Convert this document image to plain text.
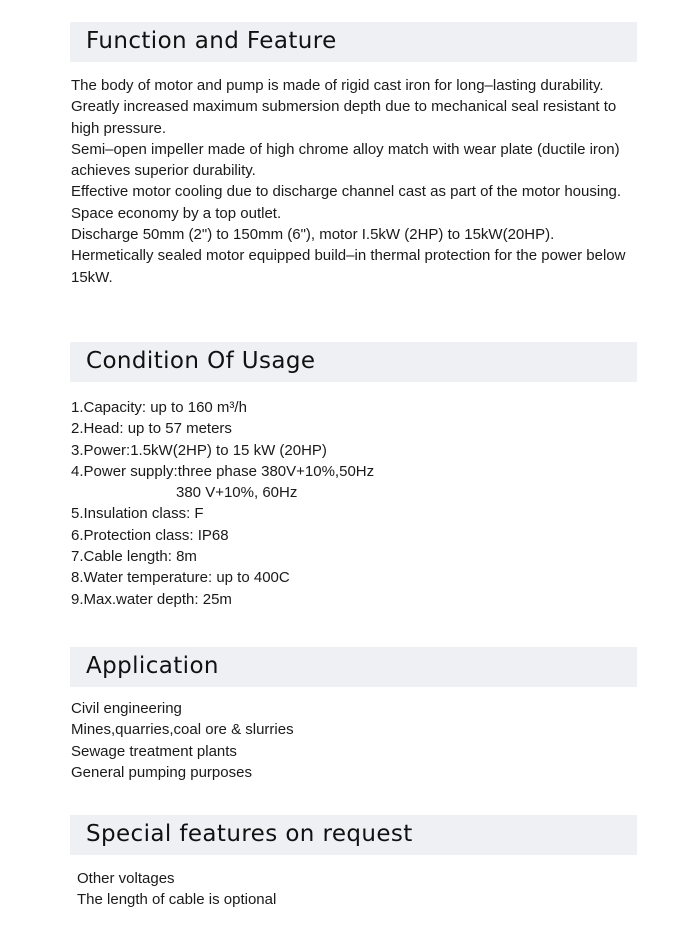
Function and Feature

The body of motor and pump is made of rigid cast iron for long–lasting durability.

Greatly increased maximum submersion depth due to mechanical seal resistant to high pressure.

Semi–open impeller made of high chrome alloy match with wear plate (ductile iron) achieves superior durability.

Effective motor cooling due to discharge channel cast as part of the motor housing. Space economy by a top outlet.

Discharge 50mm (2") to 150mm (6"), motor I.5kW (2HP) to 15kW(20HP).

Hermetically sealed motor equipped build–in thermal protection for the power below 15kW.

Condition Of Usage
1.Capacity: up to 160 m³/h
2.Head: up to 57 meters
3.Power:1.5kW(2HP) to 15 kW (20HP)
4.Power supply:three phase 380V+10%,50Hz
380 V+10%, 60Hz
5.Insulation class: F
6.Protection class: IP68
7.Cable length: 8m
8.Water temperature: up to 400C
9.Max.water depth: 25m
Application
Civil engineering
Mines,quarries,coal ore & slurries
Sewage treatment plants
General pumping purposes
Special features on request
Other voltages
The length of cable is optional
